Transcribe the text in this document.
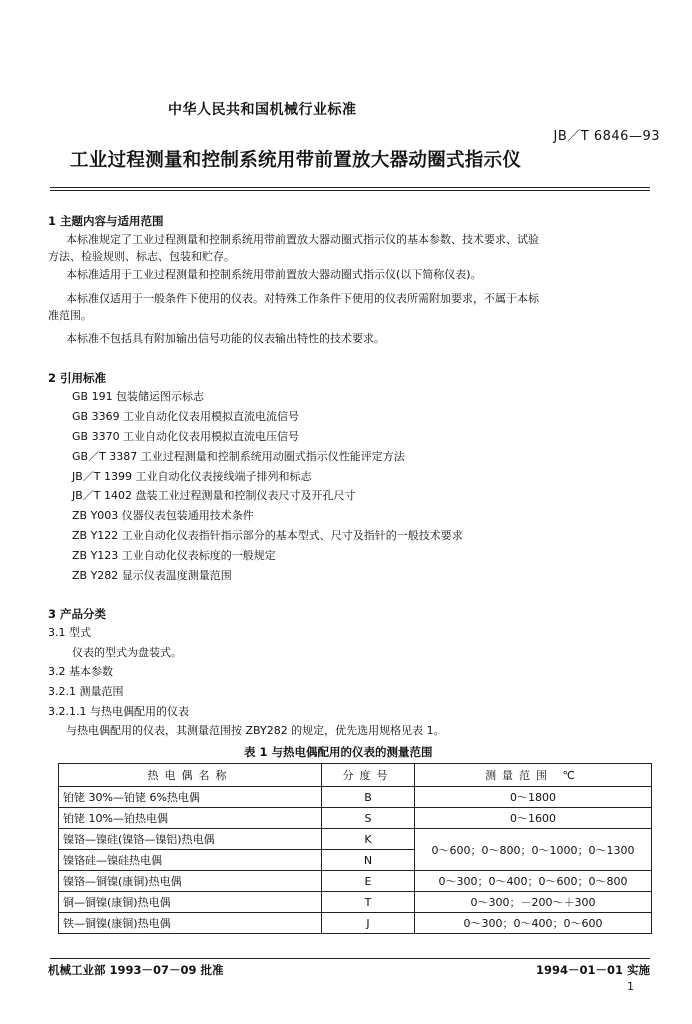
中华人民共和国机械行业标准
JB／T 6846—93
工业过程测量和控制系统用带前置放大器动圈式指示仪
1 主题内容与适用范围
本标准规定了工业过程测量和控制系统用带前置放大器动圈式指示仪的基本参数、技术要求、试验
方法、检验规则、标志、包装和贮存。
本标准适用于工业过程测量和控制系统用带前置放大器动圈式指示仪(以下简称仪表)。
本标准仅适用于一般条件下使用的仪表。对特殊工作条件下使用的仪表所需附加要求，不属于本标
准范围。
本标准不包括具有附加输出信号功能的仪表输出特性的技术要求。
2 引用标准
GB 191 包装储运图示标志
GB 3369 工业自动化仪表用模拟直流电流信号
GB 3370 工业自动化仪表用模拟直流电压信号
GB／T 3387 工业过程测量和控制系统用动圈式指示仪性能评定方法
JB／T 1399 工业自动化仪表接线端子排列和标志
JB／T 1402 盘装工业过程测量和控制仪表尺寸及开孔尺寸
ZB Y003 仪器仪表包装通用技术条件
ZB Y122 工业自动化仪表指针指示部分的基本型式、尺寸及指针的一般技术要求
ZB Y123 工业自动化仪表标度的一般规定
ZB Y282 显示仪表温度测量范围
3 产品分类
3.1 型式
仪表的型式为盘装式。
3.2 基本参数
3.2.1 测量范围
3.2.1.1 与热电偶配用的仪表
与热电偶配用的仪表，其测量范围按 ZBY282 的规定，优先选用规格见表 1。
表 1 与热电偶配用的仪表的测量范围
热电偶名称	分度号	测量范围 ℃
铂铑 30%—铂铑 6%热电偶	B	0～1800
铂铑 10%—铂热电偶	S	0～1600
镍铬—镍硅(镍铬—镍铝)热电偶	K	0～600；0～800；0～1000；0～1300
镍铬硅—镍硅热电偶	N	
镍铬—铜镍(康铜)热电偶	E	0～300；0～400；0～600；0～800
铜—铜镍(康铜)热电偶	T	0～300；－200～＋300
铁—铜镍(康铜)热电偶	J	0～300；0～400；0～600
机械工业部 1993－07－09 批准	1994－01－01 实施
1
